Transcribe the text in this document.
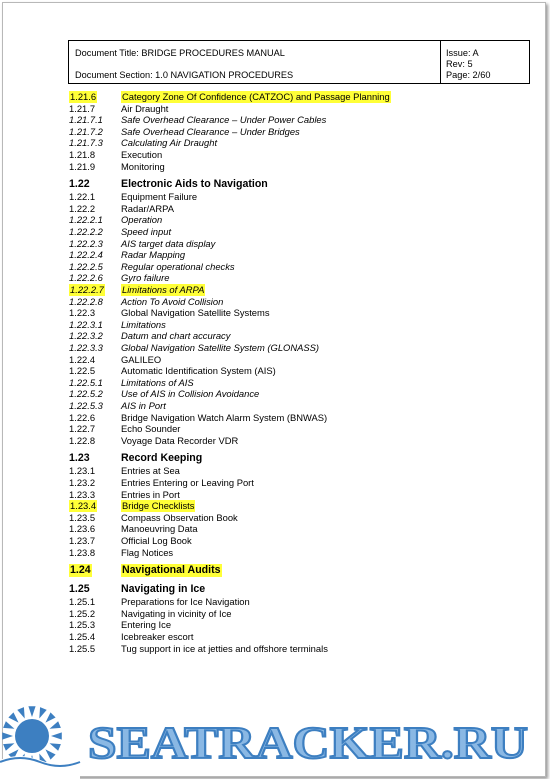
Document Title: BRIDGE PROCEDURES MANUAL
Document Section: 1.0 NAVIGATION PROCEDURES
Issue: A
Rev: 5
Page: 2/60
1.21.6	Category Zone Of Confidence (CATZOC) and Passage Planning
1.21.7	Air Draught
1.21.7.1 Safe Overhead Clearance – Under Power Cables
1.21.7.2 Safe Overhead Clearance – Under Bridges
1.21.7.3 Calculating Air Draught
1.21.8	Execution
1.21.9	Monitoring
1.22	Electronic Aids to Navigation
1.22.1	Equipment Failure
1.22.2	Radar/ARPA
1.22.2.1 Operation
1.22.2.2 Speed input
1.22.2.3 AIS target data display
1.22.2.4 Radar Mapping
1.22.2.5 Regular operational checks
1.22.2.6 Gyro failure
1.22.2.7 Limitations of ARPA
1.22.2.8 Action To Avoid Collision
1.22.3	Global Navigation Satellite Systems
1.22.3.1 Limitations
1.22.3.2 Datum and chart accuracy
1.22.3.3 Global Navigation Satellite System (GLONASS)
1.22.4	GALILEO
1.22.5	Automatic Identification System (AIS)
1.22.5.1 Limitations of AIS
1.22.5.2 Use of AIS in Collision Avoidance
1.22.5.3 AIS in Port
1.22.6	Bridge Navigation Watch Alarm System (BNWAS)
1.22.7	Echo Sounder
1.22.8	Voyage Data Recorder VDR
1.23	Record Keeping
1.23.1	Entries at Sea
1.23.2	Entries Entering or Leaving Port
1.23.3	Entries in Port
1.23.4	Bridge Checklists
1.23.5	Compass Observation Book
1.23.6	Manoeuvring Data
1.23.7	Official Log Book
1.23.8	Flag Notices
1.24	Navigational Audits
1.25	Navigating in Ice
1.25.1	Preparations for Ice Navigation
1.25.2	Navigating in vicinity of Ice
1.25.3	Entering Ice
1.25.4	Icebreaker escort
1.25.5	Tug support in ice at jetties and offshore terminals
SEATRACKER.RU
